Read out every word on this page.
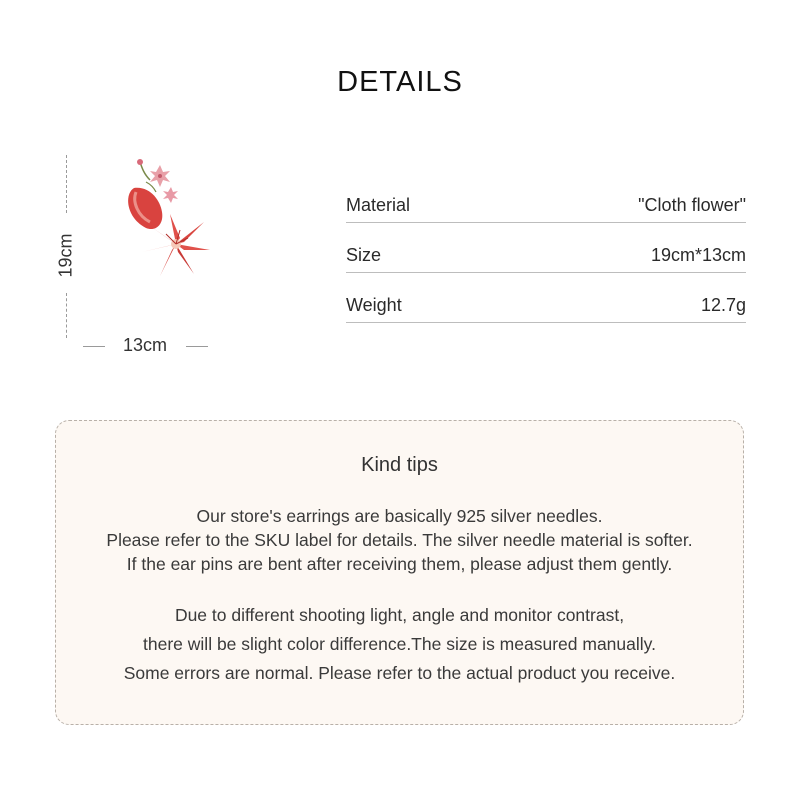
DETAILS
19cm
13cm
Material	"Cloth flower"
Size	19cm*13cm
Weight	12.7g
Kind tips
Our store's earrings are basically 925 silver needles.
Please refer to the SKU label for details. The silver needle material is softer.
If the ear pins are bent after receiving them, please adjust them gently.
Due to different shooting light, angle and monitor contrast,
there will be slight color difference.The size is measured manually.
Some errors are normal. Please refer to the actual product you receive.
